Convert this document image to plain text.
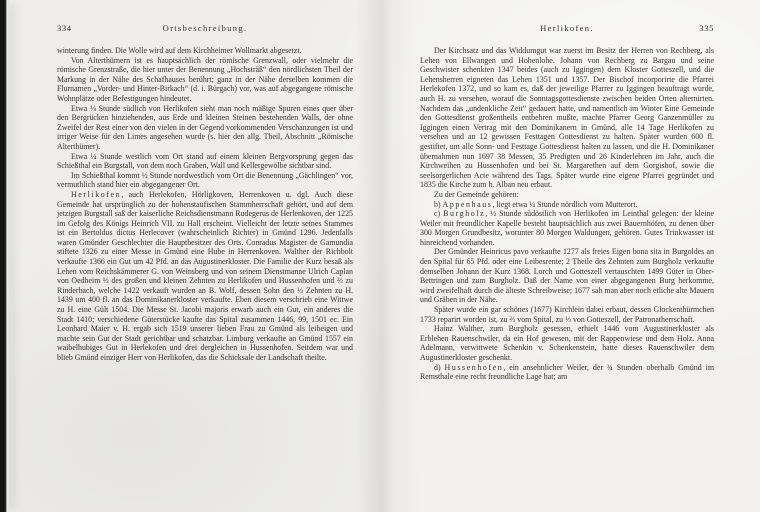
334	Ortsbeschreibung.

winterung finden. Die Wolle wird auf dem Kirchheimer Wollmarkt abgesetzt.

Von Alterthümern ist es hauptsächlich der römische Grenzwall, oder vielmehr die römische Grenzstraße, die hier unter der Benennung „Hochsträß“ den nördlichsten Theil der Markung in der Nähe des Schafhauses berührt; ganz in der Nähe derselben kommen die Flurnamen „Vorder- und Hinter-Birkach“ (d. i. Bürgach) vor, was auf abgegangene römische Wohnplätze oder Befestigungen hindeutet.

Etwa ⅛ Stunde südlich von Herlikofen sieht man noch mäßige Spuren eines quer über den Bergrücken hinziehenden, aus Erde und kleinen Steinen bestehenden Walls, der ohne Zweifel der Rest einer von den vielen in der Gegend vorkommenden Verschanzungen ist und irriger Weise für den Limes angesehen wurde (s. hier den allg. Theil, Abschnitt „Römische Alterthümer).

Etwa ¼ Stunde westlich vom Ort stand auf einem kleinen Bergvorsprung gegen das Schießthal ein Burgstall, von dem noch Graben, Wall und Kellergewölbe sichtbar sind.

Im Schießthal kommt ½ Stunde nordwestlich vom Ort die Benennung „Gächlingen“ vor, vermuthlich stand hier ein abgegangener Ort.

Herlikofen, auch Herlekofen, Hörligkoven, Herrenkoven u. dgl. Auch diese Gemeinde hat ursprünglich zu der hohenstaufischen Stammherrschaft gehört, und auf dem jetzigen Burgstall saß der kaiserliche Reichsdienstmann Rudegerus de Herlenkoven, der 1225 im Gefolg des Königs Heinrich VII. zu Hall erscheint. Vielleicht der letzte seines Stammes ist ein Bertoldus dictus Herlecover (wahrscheinlich Richter) in Gmünd 1296. Jedenfalls waren Gmünder Geschlechter die Hauptbesitzer des Orts. Conradus Magister de Gamundia stiftete 1326 zu einer Messe in Gmünd eine Hube in Herrenkoven. Walther der Richbolt verkaufte 1366 ein Gut um 42 Pfd. an das Augustinerkloster. Die Familie der Kurz besaß als Lehen vom Reichskämmerer G. von Weinsberg und von seinem Dienstmanne Ulrich Caplan von Oedheim ⅓ des großen und kleinen Zehnten zu Herlikofen und Hussenhofen und ⅔ zu Rinderbach, welche 1422 verkauft wurden an B. Wolf, dessen Sohn den ⅓ Zehnten zu H. 1439 um 400 fl. an das Dominikanerkloster verkaufte. Eben diesem verschrieb eine Wittwe zu H. eine Gült 1504. Die Messe St. Jacobi majoris erwarb auch ein Gut, ein anderes die Stadt 1410; verschiedene Güterstücke kaufte das Spital zusammen 1446, 99, 1501 ec. Ein Leonhard Maier v. H. ergab sich 1519 unserer lieben Frau zu Gmünd als leibeigen und machte sein Gut der Stadt gerichtbar und schatzbar. Limburg verkaufte an Gmünd 1557 ein waibelhubiges Gut in Herlekofen und drei dergleichen in Hussenhofen. Seitdem war und blieb Gmünd einziger Herr von Herlikofen, das die Schicksale der Landschaft theilte.

Herlikofen.	335

Der Kirchsatz und das Widdumgut war zuerst im Besitz der Herren von Rechberg, als Lehen von Ellwangen und Hohenlohe. Johann von Rechberg zu Bargau und seine Geschwister schenkten 1347 beides (auch zu Iggingen) dem Kloster Gotteszell, und die Lehensherren eigneten das Lehen 1351 und 1357. Der Bischof incorporirte die Pfarrei Herlekofen 1372, und so kam es, daß der jeweilige Pfarrer zu Iggingen beauftragt wurde, auch H. zu versehen, worauf die Sonntagsgottesdienste zwischen beiden Orten alternirten. Nachdem das „undenkliche Zeit“ gedauert hatte, und namentlich im Winter Eine Gemeinde den Gottesdienst großentheils entbehren mußte, machte Pfarrer Georg Ganzenmüller zu Iggingen einen Vertrag mit den Dominikanern in Gmünd, alle 14 Tage Herlikofen zu versehen und an 12 gewissen Festtagen Gottesdienst zu halten. Später wurden 600 fl. gestiftet, um alle Sonn- und Festtage Gottesdienst halten zu lassen, und die H. Dominikaner übernahmen nun 1697 38 Messen, 35 Predigten und 26 Kinderlehren im Jahr, auch die Kirchweihen zu Hussenhofen und bei St. Margarethen auf dem Gorgishof, sowie die seelsorgerlichen Acte während des Tags. Später wurde eine eigene Pfarrei gegründet und 1835 die Kirche zum h. Alban neu erbaut.

Zu der Gemeinde gehören:

b) Appenhaus, liegt etwa ¼ Stunde nördlich vom Mutterort.

c) Burgholz, ½ Stunde südöstlich von Herlikofen im Leinthal gelegen: der kleine Weiler mit freundlicher Kapelle besteht hauptsächlich aus zwei Bauernhöfen, zu denen über 300 Morgen Grundbesitz, worunter 80 Morgen Waldungen, gehören. Gutes Trinkwasser ist hinreichend vorhanden.

Der Gmünder Heinricus pavo verkaufte 1277 als freies Eigen bona sita in Burgoldes an den Spital für 65 Pfd. oder eine Leibesrente; 2 Theile des Zehnten zum Burgholz verkaufte demselben Johann der Kurz 1368. Lorch und Gotteszell vertauschten 1499 Güter in Ober-Bettringen und zum Burgholz. Daß der Name von einer abgegangenen Burg herkomme, wird zweifelhaft durch die älteste Schreibweise; 1677 sah man aber noch etliche alte Mauern und Gräben in der Nähe.

Später wurde ein gar schönes (1677) Kirchlein dabei erbaut, dessen Glockenthürmchen 1733 reparirt worden ist, zu ⅔ vom Spital, zu ⅓ von Gotteszell, der Patronatherrschaft.

Hainz Walther, zum Burgholz gesessen, erhielt 1446 vom Augustinerkloster als Erblehen Rauenschwiler, da ein Hof gewesen, mit der Rappenwiese und dem Holz. Anna Adelmann, verwittwete Schenkin v. Schenkenstein, hatte dieses Rauenschwiler dem Augustinerkloster geschenkt.

d) Hussenhofen, ein ansehnlicher Weiler, der ¾ Stunden oberhalb Gmünd im Remsthale eine recht freundliche Lage hat; am
